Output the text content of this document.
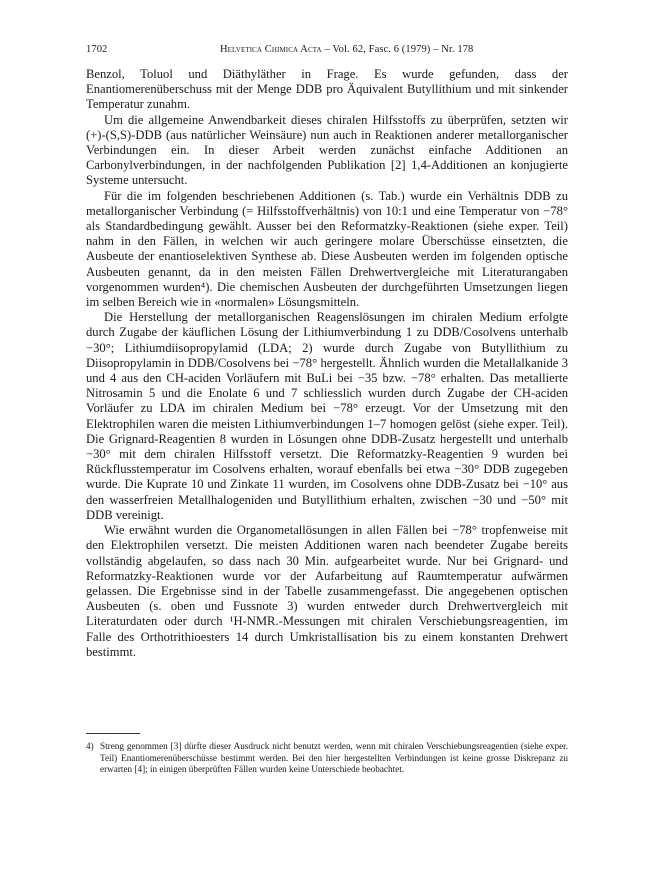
1702	Helvetica Chimica Acta – Vol. 62, Fasc. 6 (1979) – Nr. 178

Benzol, Toluol und Diäthyläther in Frage. Es wurde gefunden, dass der Enantiomerenüberschuss mit der Menge DDB pro Äquivalent Butyllithium und mit sinkender Temperatur zunahm.

Um die allgemeine Anwendbarkeit dieses chiralen Hilfsstoffs zu überprüfen, setzten wir (+)-(S,S)-DDB (aus natürlicher Weinsäure) nun auch in Reaktionen anderer metallorganischer Verbindungen ein. In dieser Arbeit werden zunächst einfache Additionen an Carbonylverbindungen, in der nachfolgenden Publikation [2] 1,4-Additionen an konjugierte Systeme untersucht.

Für die im folgenden beschriebenen Additionen (s. Tab.) wurde ein Verhältnis DDB zu metallorganischer Verbindung (= Hilfsstoffverhältnis) von 10:1 und eine Temperatur von −78° als Standardbedingung gewählt. Ausser bei den Reformatzky-Reaktionen (siehe exper. Teil) nahm in den Fällen, in welchen wir auch geringere molare Überschüsse einsetzten, die Ausbeute der enantioselektiven Synthese ab. Diese Ausbeuten werden im folgenden optische Ausbeuten genannt, da in den meisten Fällen Drehwertvergleiche mit Literaturangaben vorgenommen wurden⁴). Die chemischen Ausbeuten der durchgeführten Umsetzungen liegen im selben Bereich wie in «normalen» Lösungsmitteln.

Die Herstellung der metallorganischen Reagenslösungen im chiralen Medium erfolgte durch Zugabe der käuflichen Lösung der Lithiumverbindung 1 zu DDB/Cosolvens unterhalb −30°; Lithiumdiisopropylamid (LDA; 2) wurde durch Zugabe von Butyllithium zu Diisopropylamin in DDB/Cosolvens bei −78° hergestellt. Ähnlich wurden die Metallalkanide 3 und 4 aus den CH-aciden Vorläufern mit BuLi bei −35 bzw. −78° erhalten. Das metallierte Nitrosamin 5 und die Enolate 6 und 7 schliesslich wurden durch Zugabe der CH-aciden Vorläufer zu LDA im chiralen Medium bei −78° erzeugt. Vor der Umsetzung mit den Elektrophilen waren die meisten Lithiumverbindungen 1–7 homogen gelöst (siehe exper. Teil). Die Grignard-Reagentien 8 wurden in Lösungen ohne DDB-Zusatz hergestellt und unterhalb −30° mit dem chiralen Hilfsstoff versetzt. Die Reformatzky-Reagentien 9 wurden bei Rückflusstemperatur im Cosolvens erhalten, worauf ebenfalls bei etwa −30° DDB zugegeben wurde. Die Kuprate 10 und Zinkate 11 wurden, im Cosolvens ohne DDB-Zusatz bei −10° aus den wasserfreien Metallhalogeniden und Butyllithium erhalten, zwischen −30 und −50° mit DDB vereinigt.

Wie erwähnt wurden die Organometallösungen in allen Fällen bei −78° tropfenweise mit den Elektrophilen versetzt. Die meisten Additionen waren nach beendeter Zugabe bereits vollständig abgelaufen, so dass nach 30 Min. aufgearbeitet wurde. Nur bei Grignard- und Reformatzky-Reaktionen wurde vor der Aufarbeitung auf Raumtemperatur aufwärmen gelassen. Die Ergebnisse sind in der Tabelle zusammengefasst. Die angegebenen optischen Ausbeuten (s. oben und Fussnote 3) wurden entweder durch Drehwertvergleich mit Literaturdaten oder durch ¹H-NMR.-Messungen mit chiralen Verschiebungsreagentien, im Falle des Orthotrithioesters 14 durch Umkristallisation bis zu einem konstanten Drehwert bestimmt.

4) Streng genommen [3] dürfte dieser Ausdruck nicht benutzt werden, wenn mit chiralen Verschiebungsreagentien (siehe exper. Teil) Enantiomerenüberschüsse bestimmt werden. Bei den hier hergestellten Verbindungen ist keine grosse Diskrepanz zu erwarten [4]; in einigen überprüften Fällen wurden keine Unterschiede beobachtet.
